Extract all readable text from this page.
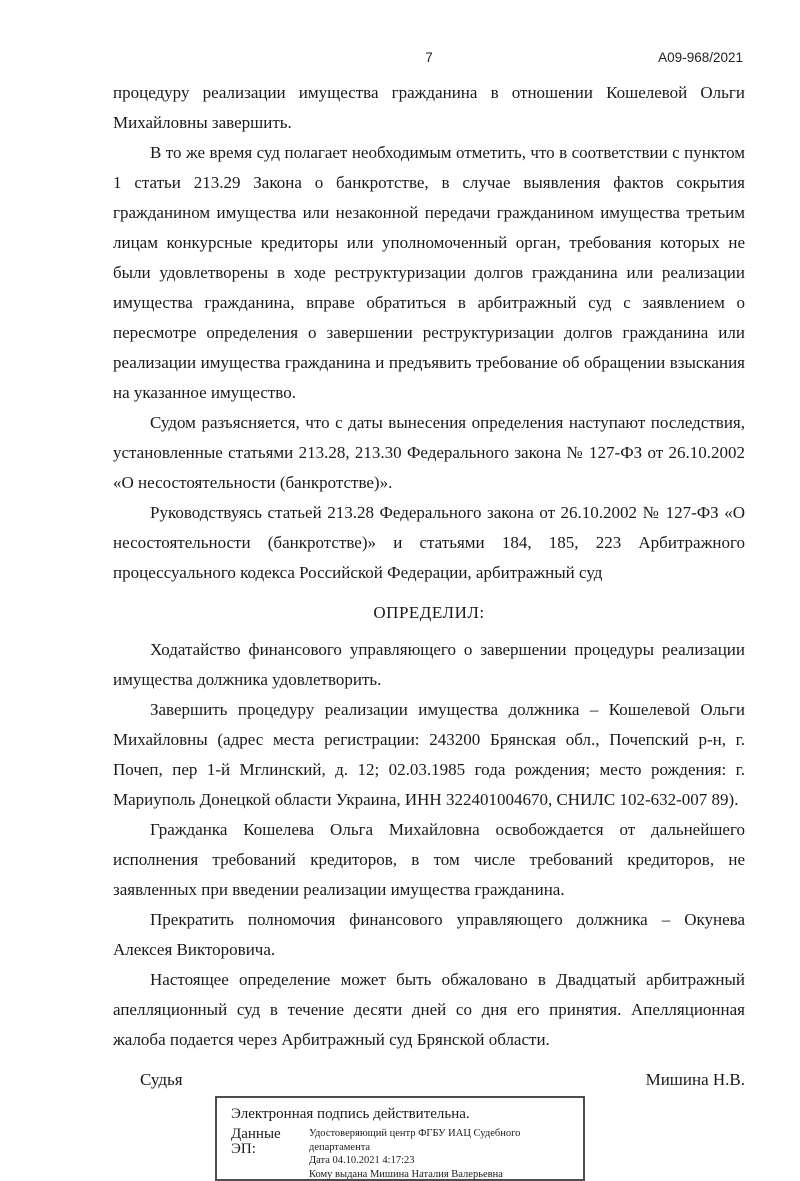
7	А09-968/2021

процедуру реализации имущества гражданина в отношении Кошелевой Ольги Михайловны завершить.

В то же время суд полагает необходимым отметить, что в соответствии с пунктом 1 статьи 213.29 Закона о банкротстве, в случае выявления фактов сокрытия гражданином имущества или незаконной передачи гражданином имущества третьим лицам конкурсные кредиторы или уполномоченный орган, требования которых не были удовлетворены в ходе реструктуризации долгов гражданина или реализации имущества гражданина, вправе обратиться в арбитражный суд с заявлением о пересмотре определения о завершении реструктуризации долгов гражданина или реализации имущества гражданина и предъявить требование об обращении взыскания на указанное имущество.

Судом разъясняется, что с даты вынесения определения наступают последствия, установленные статьями 213.28, 213.30 Федерального закона № 127-ФЗ от 26.10.2002 «О несостоятельности (банкротстве)».

Руководствуясь статьей 213.28 Федерального закона от 26.10.2002 № 127-ФЗ «О несостоятельности (банкротстве)» и статьями 184, 185, 223 Арбитражного процессуального кодекса Российской Федерации, арбитражный суд

ОПРЕДЕЛИЛ:

Ходатайство финансового управляющего о завершении процедуры реализации имущества должника удовлетворить.

Завершить процедуру реализации имущества должника – Кошелевой Ольги Михайловны (адрес места регистрации: 243200 Брянская обл., Почепский р-н, г. Почеп, пер 1-й Мглинский, д. 12; 02.03.1985 года рождения; место рождения: г. Мариуполь Донецкой области Украина, ИНН 322401004670, СНИЛС 102-632-007 89).

Гражданка Кошелева Ольга Михайловна освобождается от дальнейшего исполнения требований кредиторов, в том числе требований кредиторов, не заявленных при введении реализации имущества гражданина.

Прекратить полномочия финансового управляющего должника – Окунева Алексея Викторовича.

Настоящее определение может быть обжаловано в Двадцатый арбитражный апелляционный суд в течение десяти дней со дня его принятия. Апелляционная жалоба подается через Арбитражный суд Брянской области.

Судья	Мишина Н.В.
Электронная подпись действительна.
Данные ЭП:
Удостоверяющий центр ФГБУ ИАЦ Судебного департамента
Дата 04.10.2021 4:17:23
Кому выдана Мишина Наталия Валерьевна
